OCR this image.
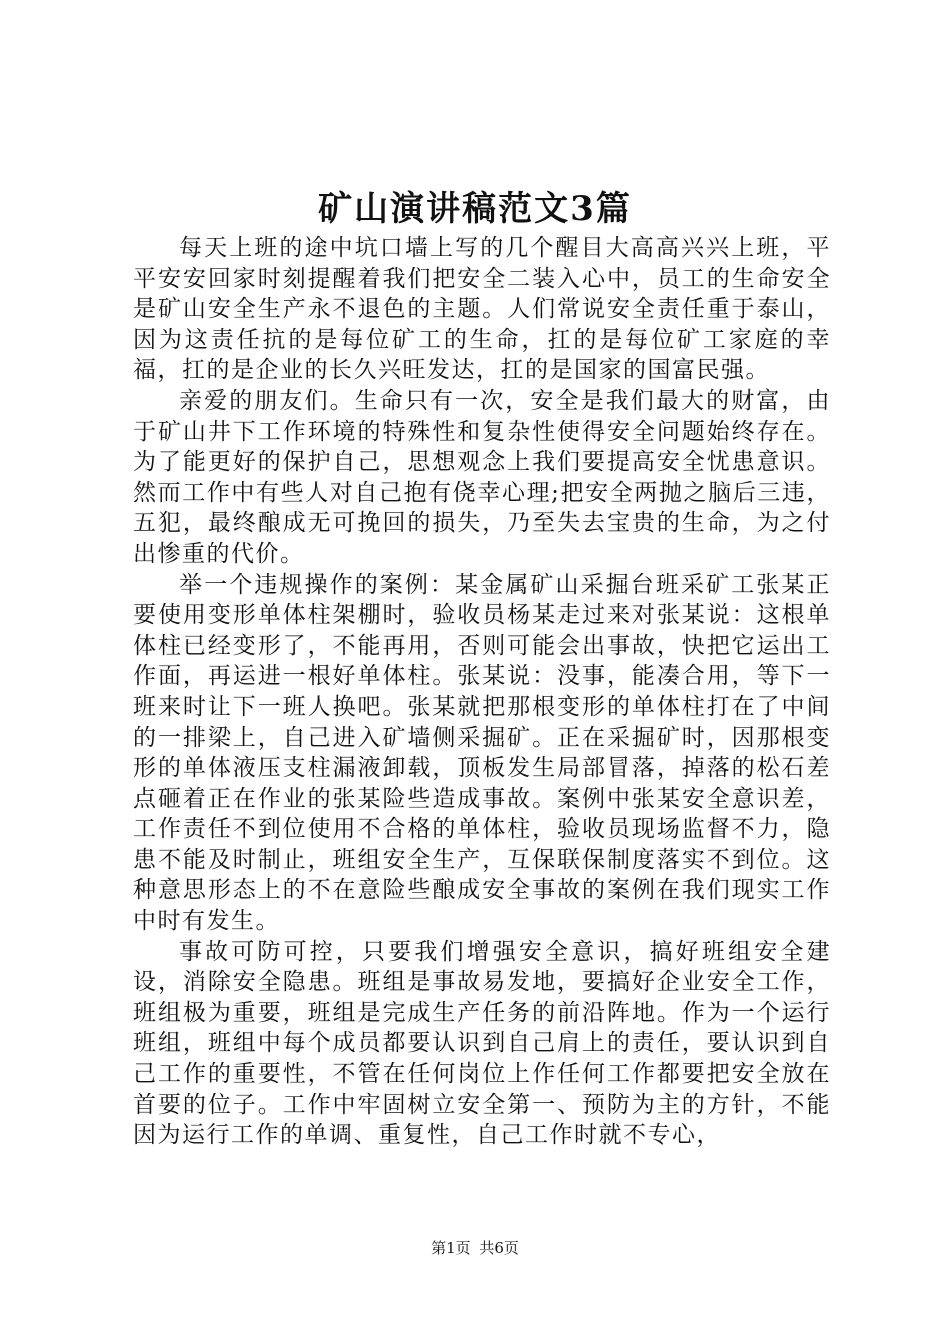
矿山演讲稿范文3篇

每天上班的途中坑口墙上写的几个醒目大高高兴兴上班，平平安安回家时刻提醒着我们把安全二装入心中，员工的生命安全是矿山安全生产永不退色的主题。人们常说安全责任重于泰山，因为这责任抗的是每位矿工的生命，扛的是每位矿工家庭的幸福，扛的是企业的长久兴旺发达，扛的是国家的国富民强。

亲爱的朋友们。生命只有一次，安全是我们最大的财富，由于矿山井下工作环境的特殊性和复杂性使得安全问题始终存在。为了能更好的保护自己，思想观念上我们要提高安全忧患意识。然而工作中有些人对自己抱有侥幸心理;把安全两抛之脑后三违，五犯，最终酿成无可挽回的损失，乃至失去宝贵的生命，为之付出惨重的代价。

举一个违规操作的案例：某金属矿山采掘台班采矿工张某正要使用变形单体柱架棚时，验收员杨某走过来对张某说：这根单体柱已经变形了，不能再用，否则可能会出事故，快把它运出工作面，再运进一根好单体柱。张某说：没事，能凑合用，等下一班来时让下一班人换吧。张某就把那根变形的单体柱打在了中间的一排梁上，自己进入矿墙侧采掘矿。正在采掘矿时，因那根变形的单体液压支柱漏液卸载，顶板发生局部冒落，掉落的松石差点砸着正在作业的张某险些造成事故。案例中张某安全意识差，工作责任不到位使用不合格的单体柱，验收员现场监督不力，隐患不能及时制止，班组安全生产，互保联保制度落实不到位。这种意思形态上的不在意险些酿成安全事故的案例在我们现实工作中时有发生。

事故可防可控，只要我们增强安全意识，搞好班组安全建设，消除安全隐患。班组是事故易发地，要搞好企业安全工作，班组极为重要，班组是完成生产任务的前沿阵地。作为一个运行班组，班组中每个成员都要认识到自己肩上的责任，要认识到自己工作的重要性，不管在任何岗位上作任何工作都要把安全放在首要的位子。工作中牢固树立安全第一、预防为主的方针，不能因为运行工作的单调、重复性，自己工作时就不专心，

第1页 共6页
